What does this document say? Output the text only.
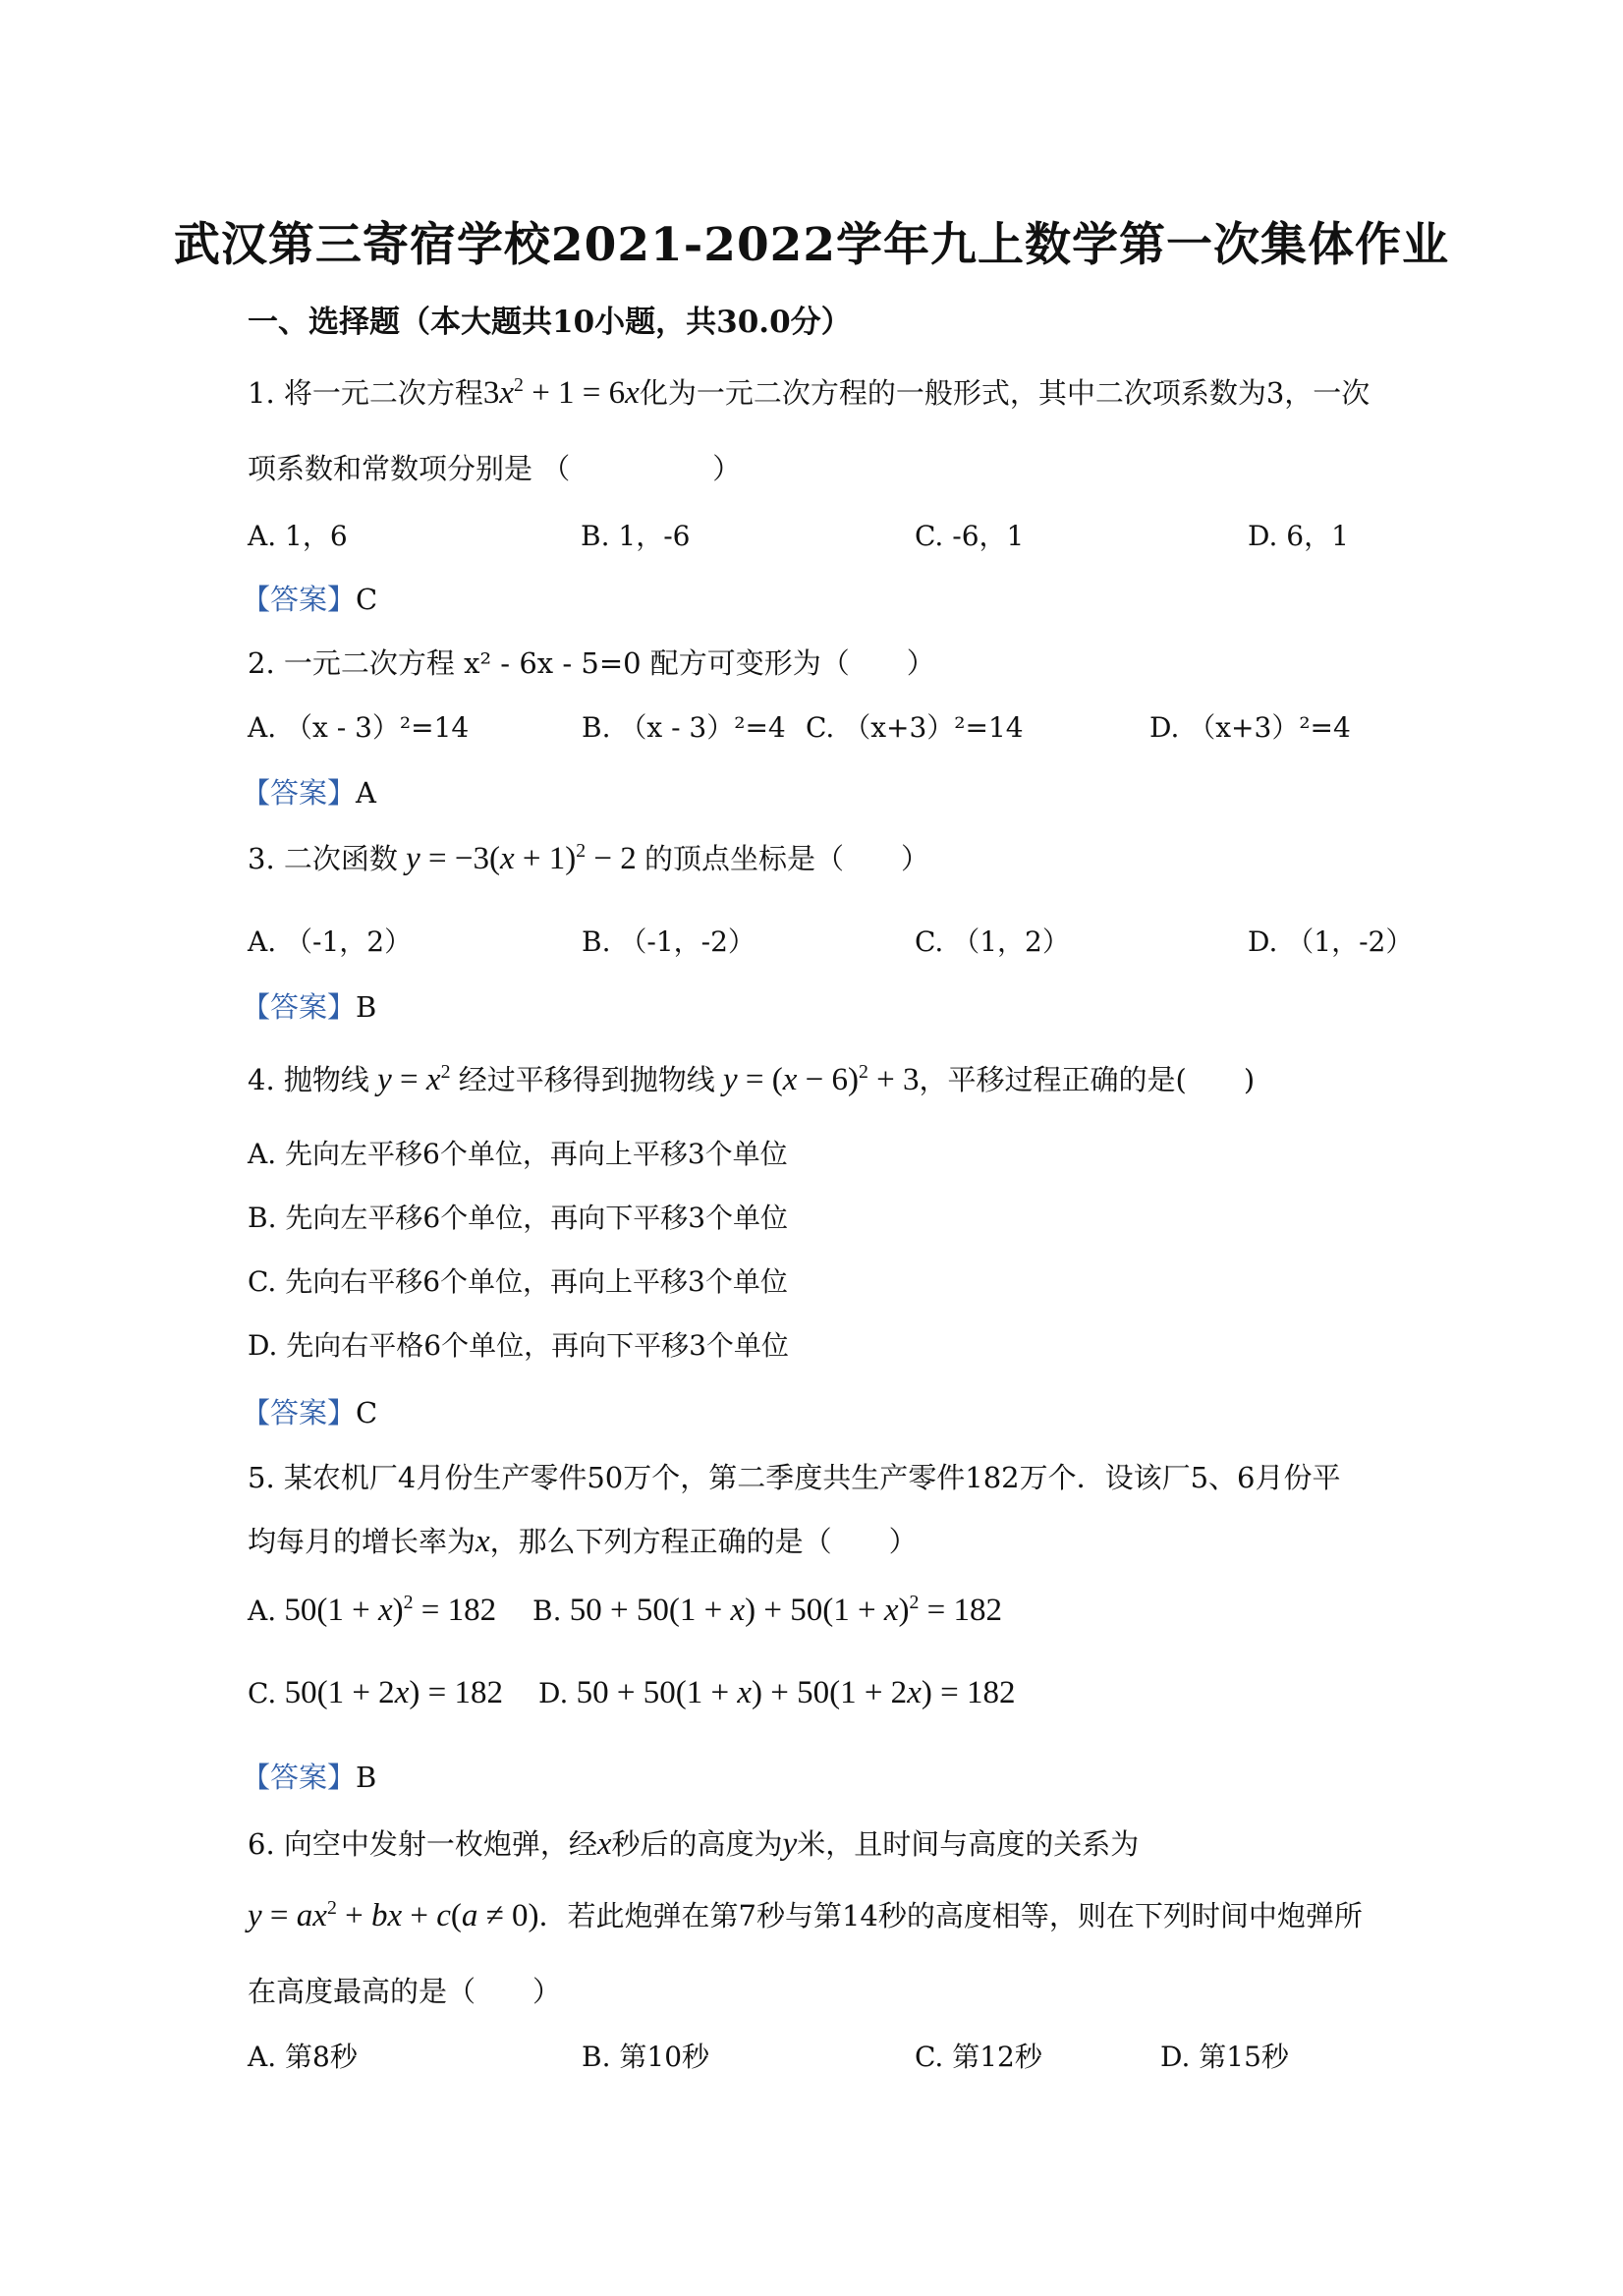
武汉第三寄宿学校2021-2022学年九上数学第一次集体作业
一、选择题（本大题共10小题，共30.0分）
1. 将一元二次方程$3x^2 + 1 = 6x$化为一元二次方程的一般形式，其中二次项系数为3，一次
项系数和常数项分别是 （　　　　　）
A. 1，6	B. 1，-6	C. -6，1	D. 6，1
【答案】C
2. 一元二次方程 x² - 6x - 5=0 配方可变形为（　　）
A. （x - 3）²=14	B. （x - 3）²=4 C. （x+3）²=14	D. （x+3）²=4
【答案】A
3. 二次函数 $y = -3(x + 1)^2 - 2$ 的顶点坐标是（　　）
A. （-1，2）	B. （-1，-2）	C. （1，2）	D. （1，-2）
【答案】B
4. 抛物线 $y = x^2$ 经过平移得到抛物线 $y = (x - 6)^2 + 3$，平移过程正确的是(　　)
A. 先向左平移6个单位，再向上平移3个单位
B. 先向左平移6个单位，再向下平移3个单位
C. 先向右平移6个单位，再向上平移3个单位
D. 先向右平格6个单位，再向下平移3个单位
【答案】C
5. 某农机厂4月份生产零件50万个，第二季度共生产零件182万个．设该厂5、6月份平
均每月的增长率为x，那么下列方程正确的是（　　）
A. $50(1 + x)^2 = 182$ B. $50 + 50(1 + x) + 50(1 + x)^2 = 182$
C. 50(1 + 2x) = 182 D. 50 + 50(1 + x) + 50(1 + 2x) = 182
【答案】B
6. 向空中发射一枚炮弹，经x秒后的高度为y米，且时间与高度的关系为
$y = ax^2$ + bx + c(a ≠ 0)．若此炮弹在第7秒与第14秒的高度相等，则在下列时间中炮弹所
在高度最高的是（　　）
A. 第8秒	B. 第10秒	C. 第12秒	D. 第15秒
